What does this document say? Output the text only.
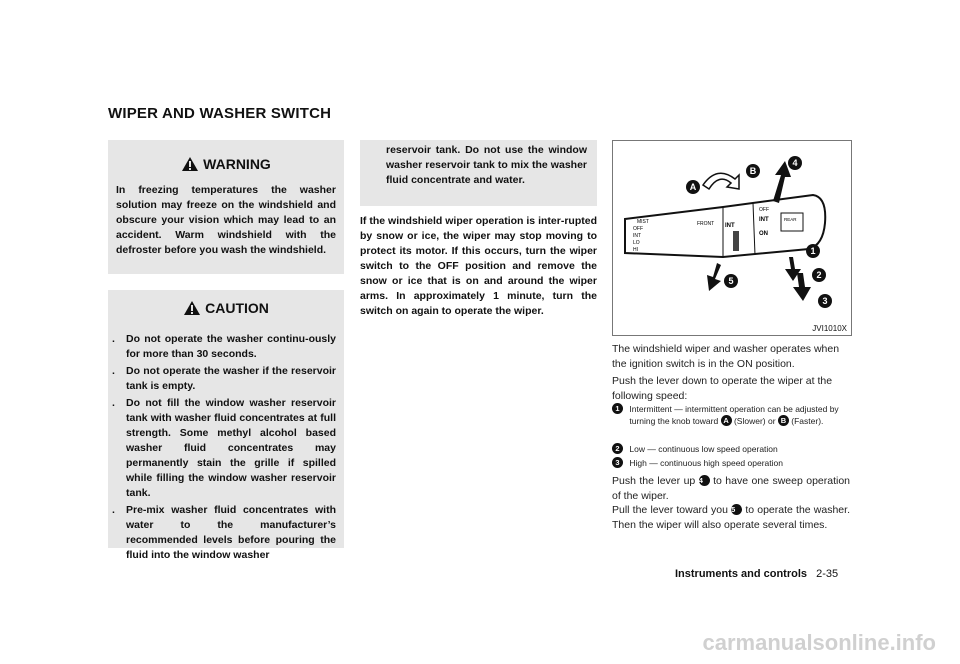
WIPER AND WASHER SWITCH
WARNING
In freezing temperatures the washer solution may freeze on the windshield and obscure your vision which may lead to an accident. Warm windshield with the defroster before you wash the windshield.
CAUTION
. Do not operate the washer continu-ously for more than 30 seconds.
. Do not operate the washer if the reservoir tank is empty.
. Do not fill the window washer reservoir tank with washer fluid concentrates at full strength. Some methyl alcohol based washer fluid concentrates may permanently stain the grille if spilled while filling the window washer reservoir tank.
. Pre-mix washer fluid concentrates with water to the manufacturer’s recommended levels before pouring the fluid into the window washer
reservoir tank. Do not use the window washer reservoir tank to mix the washer fluid concentrate and water.
If the windshield wiper operation is inter-rupted by snow or ice, the wiper may stop moving to protect its motor. If this occurs, turn the wiper switch to the OFF position and remove the snow or ice that is on and around the wiper arms. In approximately 1 minute, turn the switch on again to operate the wiper.
MIST
OFF
INT
LO
HI
FRONT INT
OFF
INT
ON
REAR
A
B
4
1
2
3
5
JVI1010X
The windshield wiper and washer operates when the ignition switch is in the ON position.
Push the lever down to operate the wiper at the following speed:
1 Intermittent — intermittent operation can be adjusted by turning the knob toward A (Slower) or B (Faster).
2 Low — continuous low speed operation
3 High — continuous high speed operation
Push the lever up 4 to have one sweep operation of the wiper.
Pull the lever toward you 5 to operate the washer. Then the wiper will also operate several times.
Instruments and controls 2-35
carmanualsonline.info
